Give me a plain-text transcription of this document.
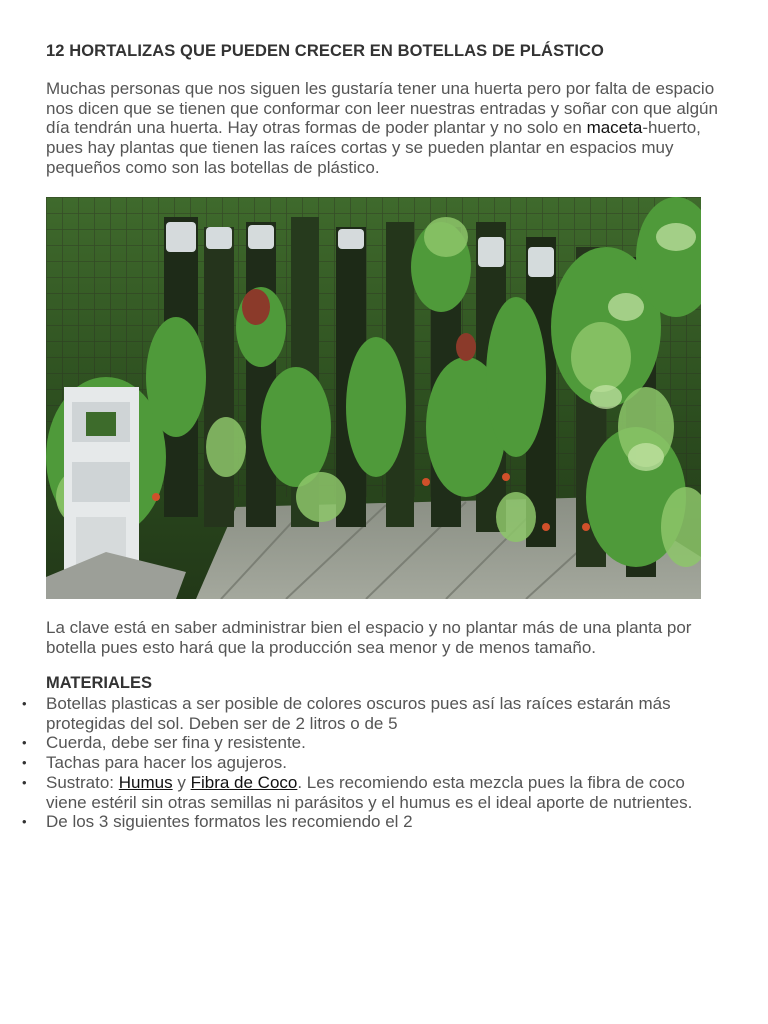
12 HORTALIZAS QUE PUEDEN CRECER EN BOTELLAS DE PLÁSTICO

Muchas personas que nos siguen les gustaría tener una huerta pero por falta de espacio nos dicen que se tienen que conformar con leer nuestras entradas y soñar con que algún día tendrán una huerta. Hay otras formas de poder plantar y no solo en maceta-huerto, pues hay plantas que tienen las raíces cortas y se pueden plantar en espacios muy pequeños como son las botellas de plástico.

La clave está en saber administrar bien el espacio y no plantar más de una planta por botella pues esto hará que la producción sea menor y de menos tamaño.

MATERIALES
• Botellas plasticas a ser posible de colores oscuros pues así las raíces estarán más protegidas del sol. Deben ser de 2 litros o de 5
• Cuerda, debe ser fina y resistente.
• Tachas para hacer los agujeros.
• Sustrato: Humus y Fibra de Coco. Les recomiendo esta mezcla pues la fibra de coco viene estéril sin otras semillas ni parásitos y el humus es el ideal aporte de nutrientes.
• De los 3 siguientes formatos les recomiendo el 2
